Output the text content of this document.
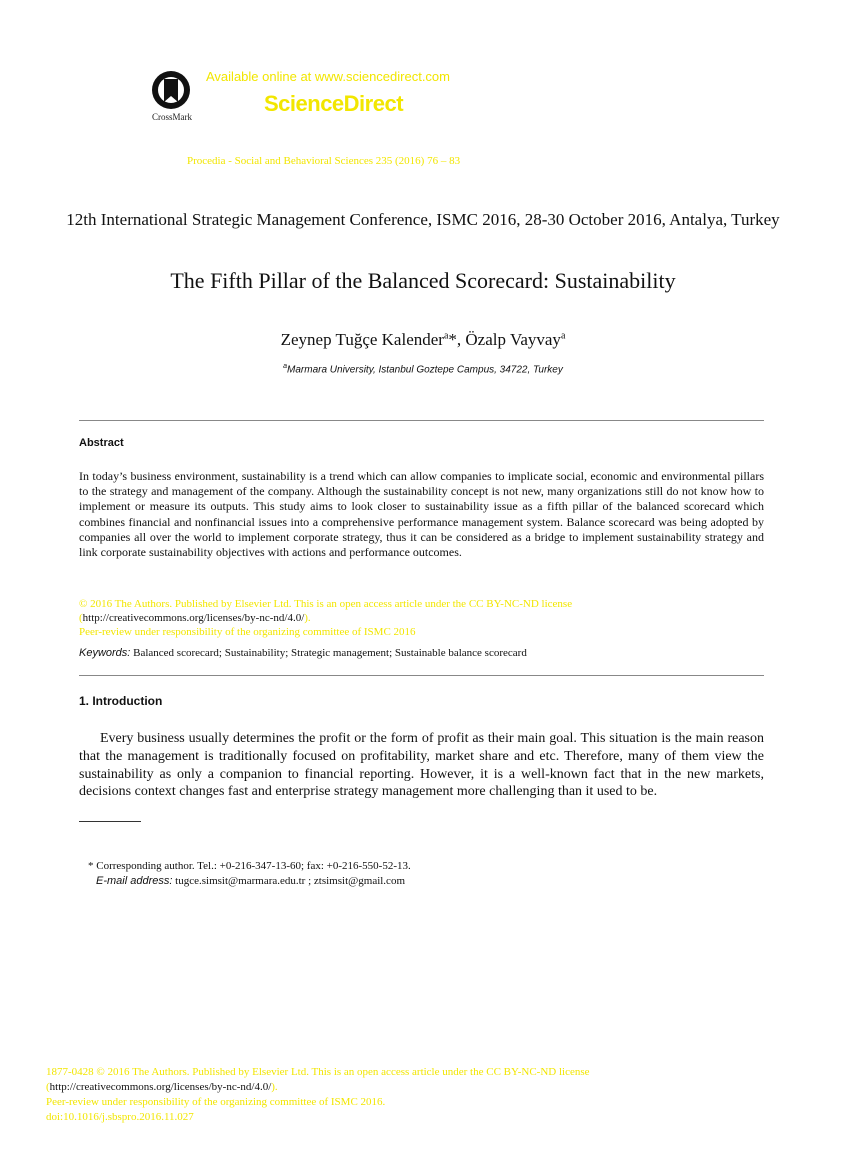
CrossMark
Available online at www.sciencedirect.com
ScienceDirect
Procedia - Social and Behavioral Sciences 235 (2016) 76 – 83
12th International Strategic Management Conference, ISMC 2016, 28-30 October 2016, Antalya, Turkey
The Fifth Pillar of the Balanced Scorecard: Sustainability
Zeynep Tuğçe Kalender$^a$*, Özalp Vayvay$^a$
$^a$Marmara University, Istanbul Goztepe Campus, 34722, Turkey
Abstract
In today’s business environment, sustainability is a trend which can allow companies to implicate social, economic and environmental pillars to the strategy and management of the company. Although the sustainability concept is not new, many organizations still do not know how to implement or measure its outputs. This study aims to look closer to sustainability issue as a fifth pillar of the balanced scorecard which combines financial and nonfinancial issues into a comprehensive performance management system. Balance scorecard was being adopted by companies all over the world to implement corporate strategy, thus it can be considered as a bridge to implement sustainability strategy and link corporate sustainability objectives with actions and performance outcomes.
© 2016 The Authors. Published by Elsevier Ltd. This is an open access article under the CC BY-NC-ND license
(http://creativecommons.org/licenses/by-nc-nd/4.0/).
Peer-review under responsibility of the organizing committee of ISMC 2016
Keywords: Balanced scorecard; Sustainability; Strategic management; Sustainable balance scorecard
1. Introduction
Every business usually determines the profit or the form of profit as their main goal. This situation is the main reason that the management is traditionally focused on profitability, market share and etc. Therefore, many of them view the sustainability as only a companion to financial reporting. However, it is a well-known fact that in the new markets, decisions context changes fast and enterprise strategy management more challenging than it used to be.
* Corresponding author. Tel.: +0-216-347-13-60; fax: +0-216-550-52-13.
E-mail address: tugce.simsit@marmara.edu.tr ; ztsimsit@gmail.com
1877-0428 © 2016 The Authors. Published by Elsevier Ltd. This is an open access article under the CC BY-NC-ND license
(http://creativecommons.org/licenses/by-nc-nd/4.0/).
Peer-review under responsibility of the organizing committee of ISMC 2016.
doi:10.1016/j.sbspro.2016.11.027
